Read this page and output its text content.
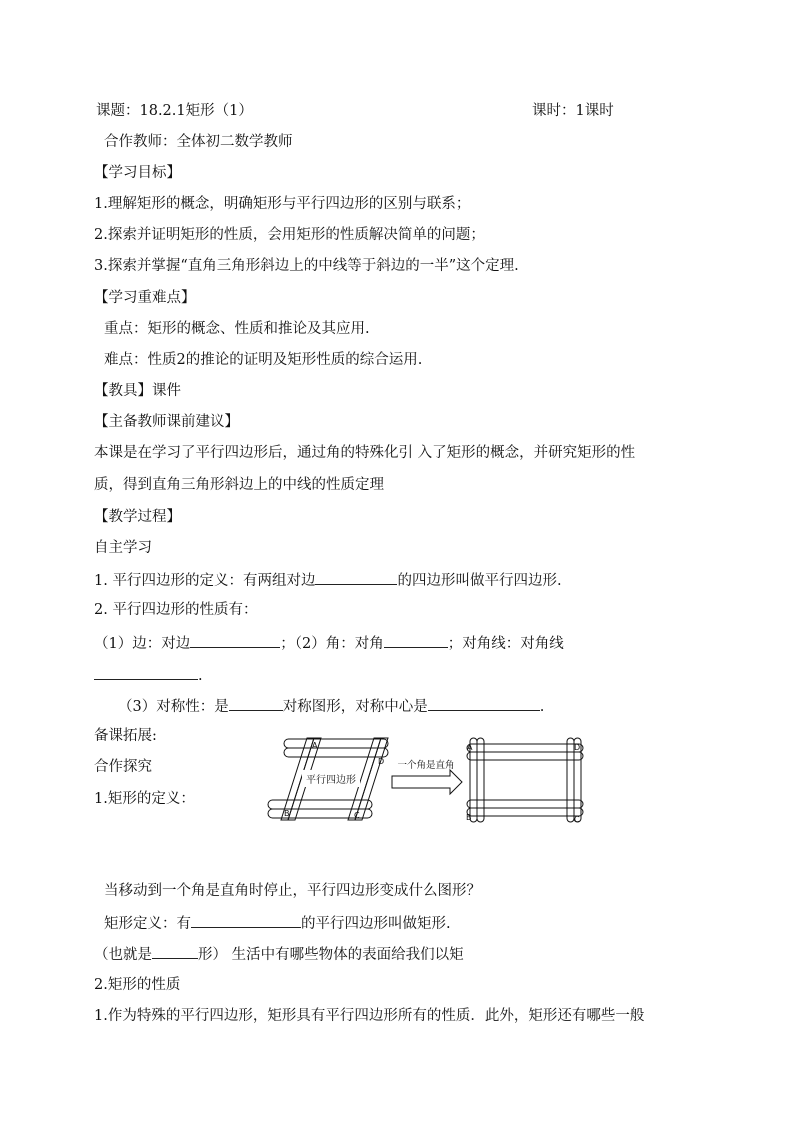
课题：18.2.1矩形（1）	课时：1课时
合作教师：全体初二数学教师
【学习目标】
1.理解矩形的概念，明确矩形与平行四边形的区别与联系；
2.探索并证明矩形的性质，会用矩形的性质解决简单的问题；
3.探索并掌握“直角三角形斜边上的中线等于斜边的一半”这个定理.
【学习重难点】
重点：矩形的概念、性质和推论及其应用.
难点：性质2的推论的证明及矩形性质的综合运用.
【教具】课件
【主备教师课前建议】
本课是在学习了平行四边形后，通过角的特殊化引 入了矩形的概念，并研究矩形的性
质，得到直角三角形斜边上的中线的性质定理
【教学过程】
自主学习
1. 平行四边形的定义：有两组对边	的四边形叫做平行四边形.
2. 平行四边形的性质有：
（1）边：对边	；（2）角：对角	；对角线：对角线
.
（3）对称性：是	对称图形，对称中心是	.
备课拓展:
合作探究
1.矩形的定义：
平行四边形
一个角是直角
A
D
B	C
A	D
B	C
当移动到一个角是直角时停止，平行四边形变成什么图形？
矩形定义：有	的平行四边形叫做矩形.
（也就是	形） 生活中有哪些物体的表面给我们以矩
2.矩形的性质
1.作为特殊的平行四边形，矩形具有平行四边形所有的性质．此外，矩形还有哪些一般
